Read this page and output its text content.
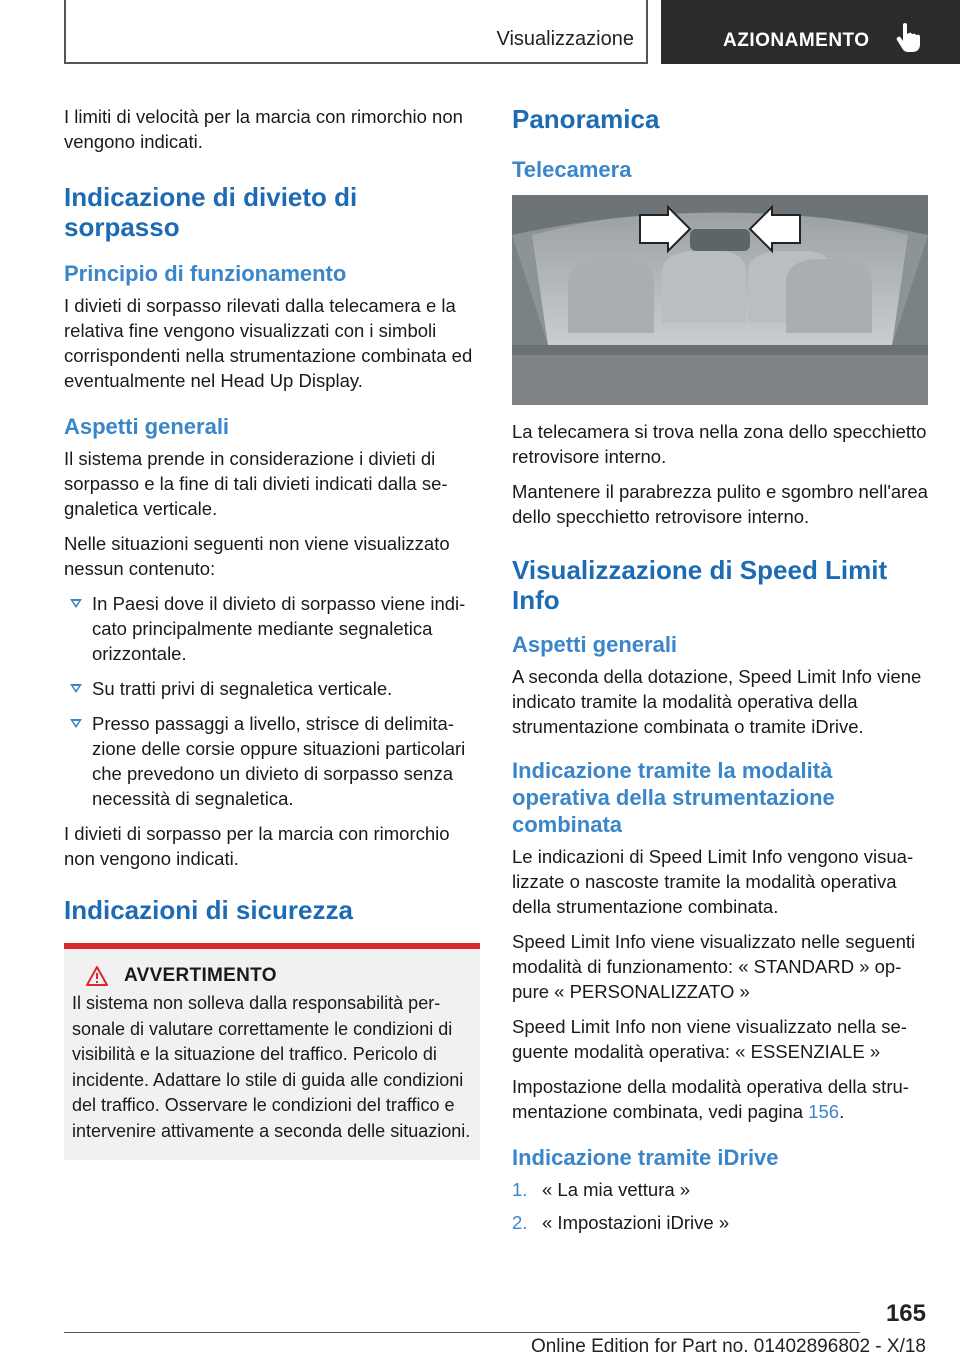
Visualizzazione	AZIONAMENTO

I limiti di velocità per la marcia con rimorchio non vengono indicati.

Indicazione di divieto di sorpasso
Principio di funzionamento

I divieti di sorpasso rilevati dalla telecamera e la relativa fine vengono visualizzati con i simboli corrispondenti nella strumentazione combinata ed eventualmente nel Head Up Display.

Aspetti generali

Il sistema prende in considerazione i divieti di sorpasso e la fine di tali divieti indicati dalla segnaletica verticale.

Nelle situazioni seguenti non viene visualizzato nessun contenuto:

In Paesi dove il divieto di sorpasso viene indicato principalmente mediante segnaletica orizzontale.
Su tratti privi di segnaletica verticale.
Presso passaggi a livello, strisce di delimitazione delle corsie oppure situazioni particolari che prevedono un divieto di sorpasso senza necessità di segnaletica.

I divieti di sorpasso per la marcia con rimorchio non vengono indicati.

Indicazioni di sicurezza
AVVERTIMENTO

Il sistema non solleva dalla responsabilità personale di valutare correttamente le condizioni di visibilità e la situazione del traffico. Pericolo di incidente. Adattare lo stile di guida alle condizioni del traffico. Osservare le condizioni del traffico e intervenire attivamente a seconda delle situazioni.

Panoramica
Telecamera

La telecamera si trova nella zona dello specchietto retrovisore interno.

Mantenere il parabrezza pulito e sgombro nell'area dello specchietto retrovisore interno.

Visualizzazione di Speed Limit Info
Aspetti generali

A seconda della dotazione, Speed Limit Info viene indicato tramite la modalità operativa della strumentazione combinata o tramite iDrive.

Indicazione tramite la modalità operativa della strumentazione combinata

Le indicazioni di Speed Limit Info vengono visualizzate o nascoste tramite la modalità operativa della strumentazione combinata.

Speed Limit Info viene visualizzato nelle seguenti modalità di funzionamento: « STANDARD » oppure « PERSONALIZZATO »

Speed Limit Info non viene visualizzato nella seguente modalità operativa: « ESSENZIALE »

Impostazione della modalità operativa della strumentazione combinata, vedi pagina 156.

Indicazione tramite iDrive
1. « La mia vettura »
2. « Impostazioni iDrive »
165
Online Edition for Part no. 01402896802 - X/18
